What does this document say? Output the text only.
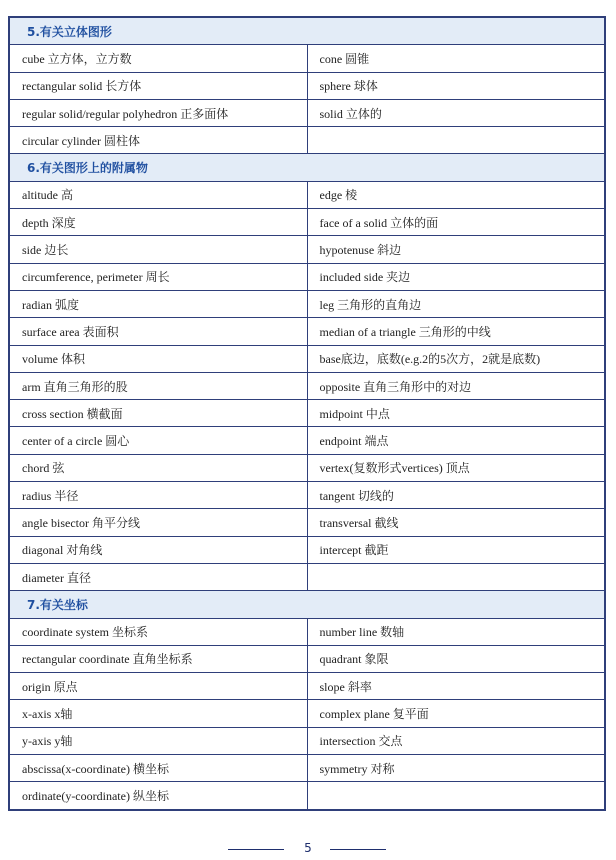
5.有关立体图形	
cube 立方体，立方数	cone 圆锥
rectangular solid 长方体	sphere 球体
regular solid/regular polyhedron 正多面体	solid 立体的
circular cylinder 圆柱体	
6.有关图形上的附属物	
altitude 高	edge 棱
depth 深度	face of a solid 立体的面
side 边长	hypotenuse 斜边
circumference, perimeter 周长	included side 夹边
radian 弧度	leg 三角形的直角边
surface area 表面积	median of a triangle 三角形的中线
volume 体积	base底边，底数(e.g.2的5次方，2就是底数)
arm 直角三角形的股	opposite 直角三角形中的对边
cross section 横截面	midpoint 中点
center of a circle 圆心	endpoint 端点
chord 弦	vertex(复数形式vertices) 顶点
radius 半径	tangent 切线的
angle bisector 角平分线	transversal 截线
diagonal 对角线	intercept 截距
diameter 直径	
7.有关坐标	
coordinate system 坐标系	number line 数轴
rectangular coordinate 直角坐标系	quadrant 象限
origin 原点	slope 斜率
x-axis x轴	complex plane 复平面
y-axis y轴	intersection 交点
abscissa(x-coordinate) 横坐标	symmetry 对称
ordinate(y-coordinate) 纵坐标	
5
